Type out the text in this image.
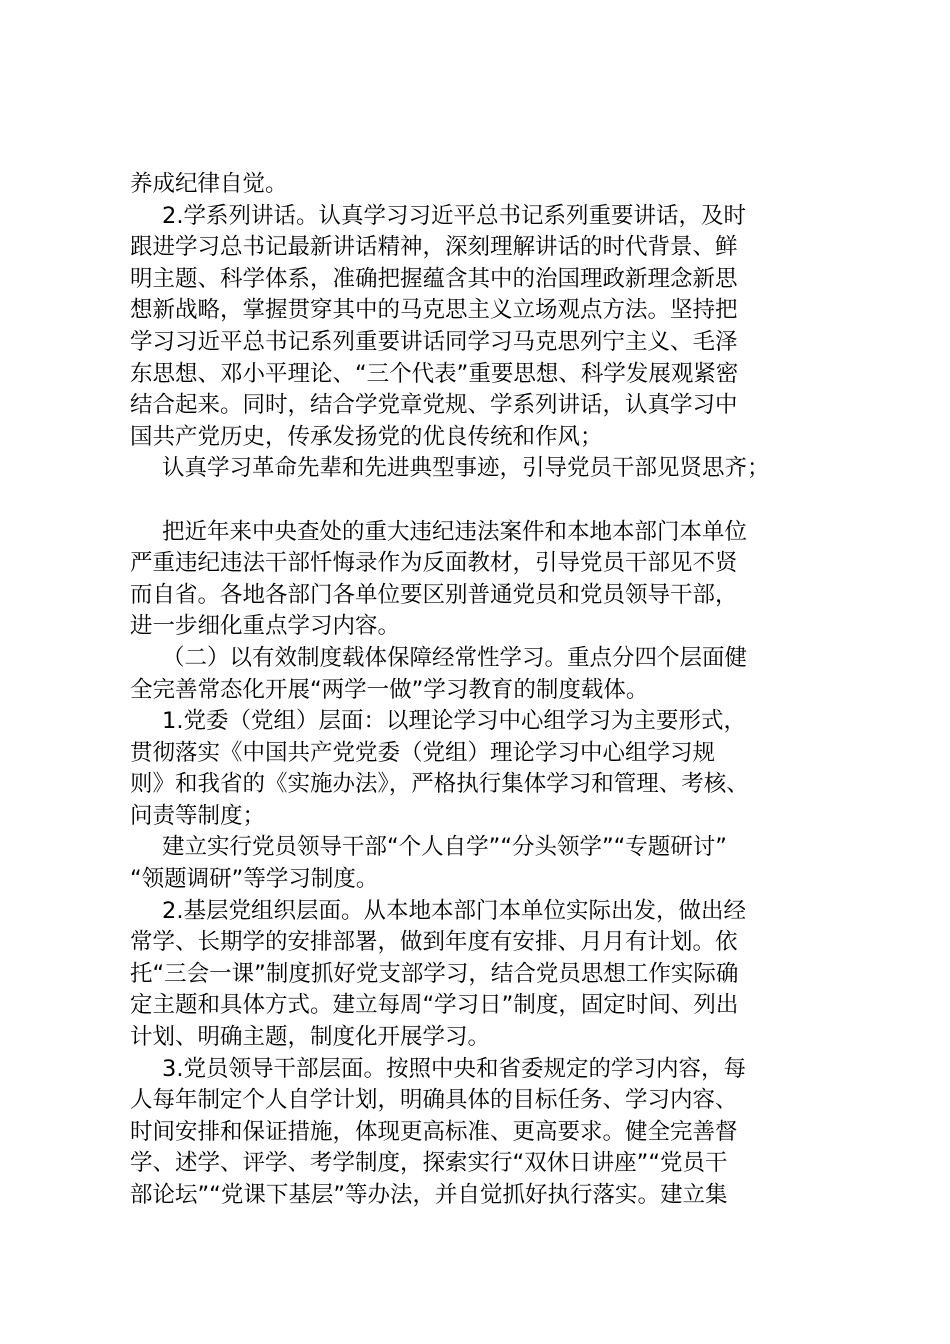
养成纪律自觉。
2.学系列讲话。认真学习习近平总书记系列重要讲话，及时
跟进学习总书记最新讲话精神，深刻理解讲话的时代背景、鲜
明主题、科学体系，准确把握蕴含其中的治国理政新理念新思
想新战略，掌握贯穿其中的马克思主义立场观点方法。坚持把
学习习近平总书记系列重要讲话同学习马克思列宁主义、毛泽
东思想、邓小平理论、“三个代表”重要思想、科学发展观紧密
结合起来。同时，结合学党章党规、学系列讲话，认真学习中
国共产党历史，传承发扬党的优良传统和作风；
认真学习革命先辈和先进典型事迹，引导党员干部见贤思齐；
把近年来中央查处的重大违纪违法案件和本地本部门本单位
严重违纪违法干部忏悔录作为反面教材，引导党员干部见不贤
而自省。各地各部门各单位要区别普通党员和党员领导干部，
进一步细化重点学习内容。
（二）以有效制度载体保障经常性学习。重点分四个层面健
全完善常态化开展“两学一做”学习教育的制度载体。
1.党委（党组）层面：以理论学习中心组学习为主要形式，
贯彻落实《中国共产党党委（党组）理论学习中心组学习规
则》和我省的《实施办法》，严格执行集体学习和管理、考核、
问责等制度；
建立实行党员领导干部“个人自学”“分头领学”“专题研讨”
“领题调研”等学习制度。
2.基层党组织层面。从本地本部门本单位实际出发，做出经
常学、长期学的安排部署，做到年度有安排、月月有计划。依
托“三会一课”制度抓好党支部学习，结合党员思想工作实际确
定主题和具体方式。建立每周“学习日”制度，固定时间、列出
计划、明确主题，制度化开展学习。
3.党员领导干部层面。按照中央和省委规定的学习内容，每
人每年制定个人自学计划，明确具体的目标任务、学习内容、
时间安排和保证措施，体现更高标准、更高要求。健全完善督
学、述学、评学、考学制度，探索实行“双休日讲座”“党员干
部论坛”“党课下基层”等办法，并自觉抓好执行落实。建立集
